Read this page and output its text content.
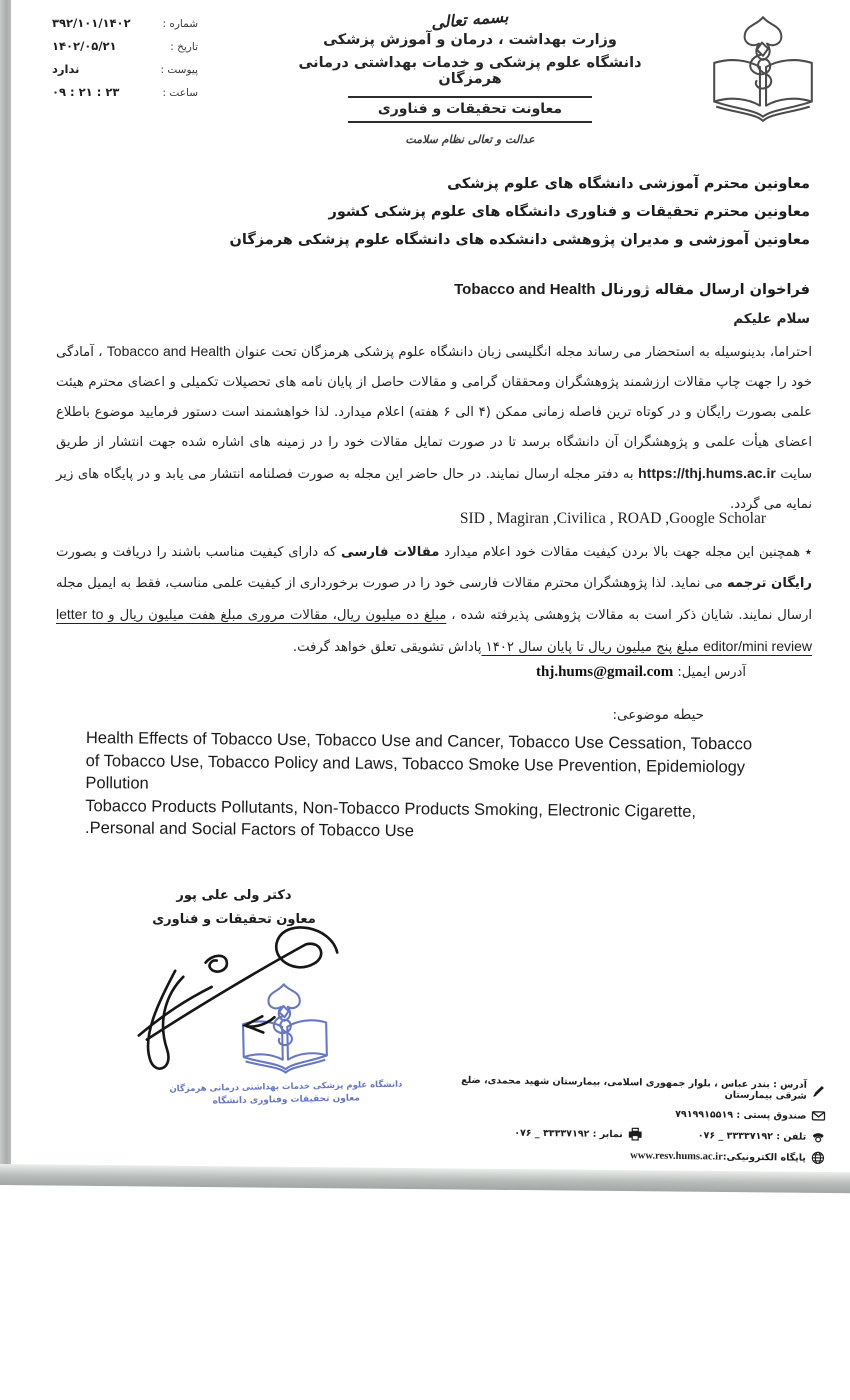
شماره :
۳۹۲/۱۰۱/۱۴۰۲
تاریخ :
۱۴۰۲/۰۵/۲۱
پیوست :
ندارد
ساعت :
۲۳ : ۲۱ : ۰۹
بسمه تعالی
وزارت بهداشت ، درمان و آموزش پزشکی
دانشگاه علوم پزشکی و خدمات بهداشتی درمانی هرمزگان
معاونت تحقیقات و فناوری
عدالت و تعالی نظام سلامت
معاونین محترم آموزشی دانشگاه های علوم پزشکی
معاونین محترم تحقیقات و فناوری دانشگاه های علوم پزشکی کشور
معاونین آموزشی و مدیران پژوهشی دانشکده های دانشگاه علوم پزشکی هرمزگان
فراخوان ارسال مقاله ژورنال Tobacco and Health
سلام علیکم
احتراما، بدینوسیله به استحضار می رساند مجله انگلیسی زبان دانشگاه علوم پزشکی هرمزگان تحت عنوان Tobacco and Health ، آمادگی خود را جهت چاپ مقالات ارزشمند پژوهشگران ومحققان گرامی و مقالات حاصل از پایان نامه های تحصیلات تکمیلی و اعضای محترم هیئت علمی بصورت رایگان و در کوتاه ترین فاصله زمانی ممکن (۴ الی ۶ هفته) اعلام میدارد. لذا خواهشمند است دستور فرمایید موضوع باطلاع اعضای هیأت علمی و پژوهشگران آن دانشگاه برسد تا در صورت تمایل مقالات خود را در زمینه های اشاره شده جهت انتشار از طریق سایت https://thj.hums.ac.ir به دفتر مجله ارسال نمایند. در حال حاضر این مجله به صورت فصلنامه انتشار می یابد و در پایگاه های زیر نمایه می گردد.
SID , Magiran ,Civilica , ROAD ,Google Scholar
٭ همچنین این مجله جهت بالا بردن کیفیت مقالات خود اعلام میدارد مقالات فارسی که دارای کیفیت مناسب باشند را دریافت و بصورت رایگان ترجمه می نماید. لذا پژوهشگران محترم مقالات فارسی خود را در صورت برخورداری از کیفیت علمی مناسب، فقط به ایمیل مجله ارسال نمایند. شایان ذکر است به مقالات پژوهشی پذیرفته شده ، مبلغ ده میلیون ریال، مقالات مروری مبلغ هفت میلیون ریال و letter to editor/mini review مبلغ پنج میلیون ریال تا پایان سال ۱۴۰۲ پاداش تشویقی تعلق خواهد گرفت.
آدرس ایمیل: thj.hums@gmail.com
حیطه موضوعی:
Health Effects of Tobacco Use, Tobacco Use and Cancer, Tobacco Use Cessation, Tobacco
of Tobacco Use, Tobacco Policy and Laws, Tobacco Smoke Use Prevention, Epidemiology
Pollution
Tobacco Products Pollutants, Non-Tobacco Products Smoking, Electronic Cigarette,
.Personal and Social Factors of Tobacco Use
دکتر ولی علی پور
معاون تحقیقات و فناوری
دانشگاه علوم پزشکی خدمات بهداشتی درمانی هرمزگان
معاون تحقیقات وفناوری دانشگاه
آدرس : بندر عباس ، بلوار جمهوری اسلامی، بیمارستان شهید محمدی، ضلع شرقی بیمارستان
صندوق پستی : ۷۹۱۹۹۱۵۵۱۹
تلفن : ۳۳۳۳۷۱۹۲ _ ۰۷۶
نمابر : ۳۳۳۳۷۱۹۲ _ ۰۷۶
پایگاه الکترونیکی:
www.resv.hums.ac.ir
